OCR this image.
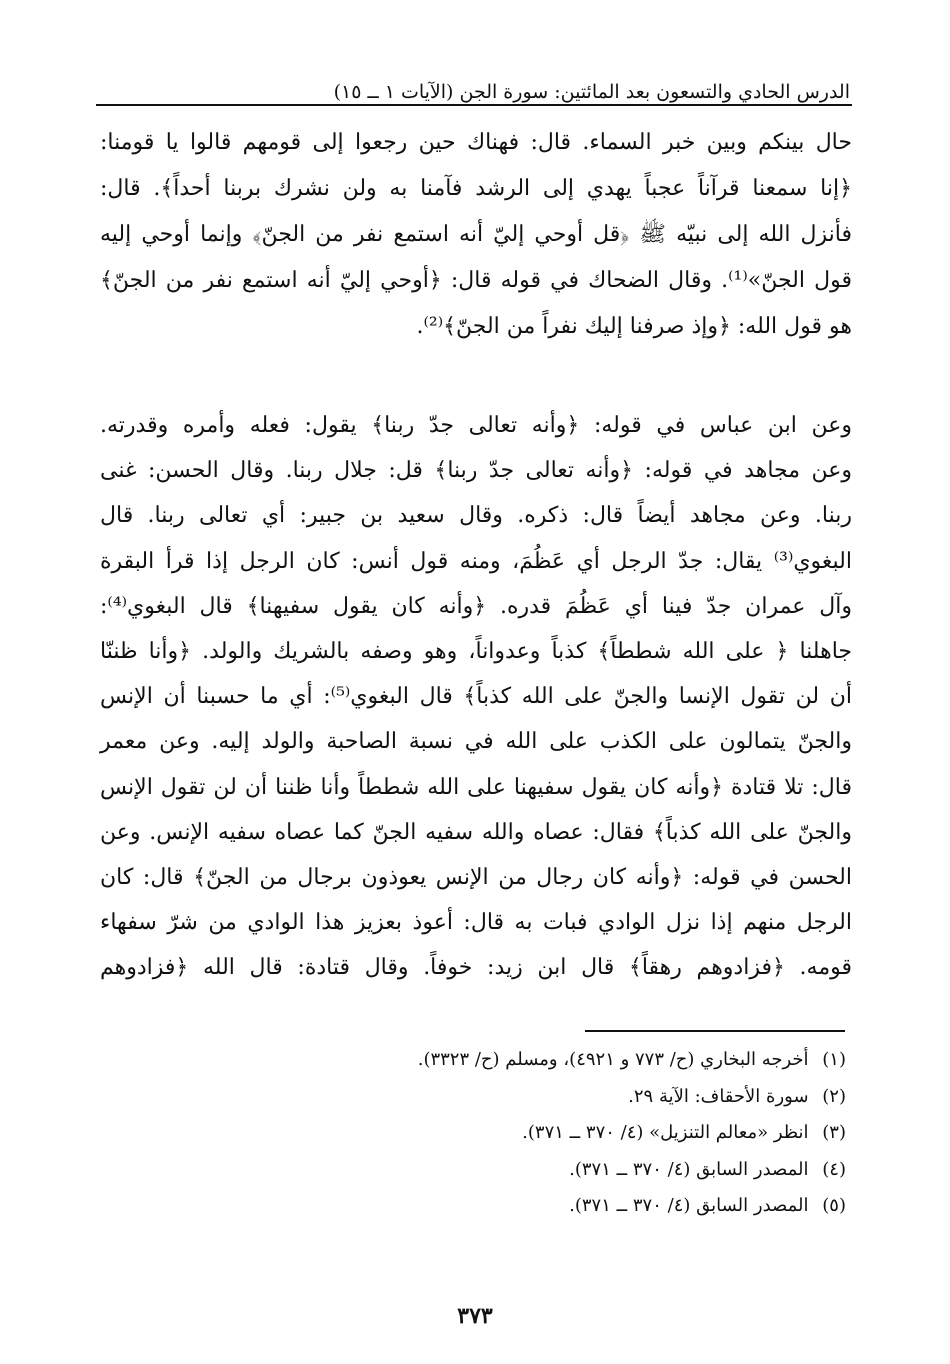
الدرس الحادي والتسعون بعد المائتين: سورة الجن (الآيات ١ ــ ١٥)
حال بينكم وبين خبر السماء. قال: فهناك حين رجعوا إلى قومهم قالوا يا قومنا:
﴿إنا سمعنا قرآناً عجباً يهدي إلى الرشد فآمنا به ولن نشرك بربنا أحداً﴾. قال:
فأنزل الله إلى نبيّه ﷺ ﴿قل أوحي إليّ أنه استمع نفر من الجنّ﴾ وإنما أوحي إليه
قول الجنّ»⁽¹⁾. وقال الضحاك في قوله قال: ﴿أوحي إليّ أنه استمع نفر من الجنّ﴾
هو قول الله: ﴿وإذ صرفنا إليك نفراً من الجنّ﴾⁽²⁾.
وعن ابن عباس في قوله: ﴿وأنه تعالى جدّ ربنا﴾ يقول: فعله وأمره وقدرته.
وعن مجاهد في قوله: ﴿وأنه تعالى جدّ ربنا﴾ قل: جلال ربنا. وقال الحسن: غنى
ربنا. وعن مجاهد أيضاً قال: ذكره. وقال سعيد بن جبير: أي تعالى ربنا. قال
البغوي⁽³⁾ يقال: جدّ الرجل أي عَظُمَ، ومنه قول أنس: كان الرجل إذا قرأ البقرة
وآل عمران جدّ فينا أي عَظُمَ قدره. ﴿وأنه كان يقول سفيهنا﴾ قال البغوي⁽⁴⁾:
جاهلنا ﴿ على الله شططاً﴾ كذباً وعدواناً، وهو وصفه بالشريك والولد. ﴿وأنا ظننّا
أن لن تقول الإنسا والجنّ على الله كذباً﴾ قال البغوي⁽⁵⁾: أي ما حسبنا أن الإنس
والجنّ يتمالون على الكذب على الله في نسبة الصاحبة والولد إليه. وعن معمر
قال: تلا قتادة ﴿وأنه كان يقول سفيهنا على الله شططاً وأنا ظننا أن لن تقول الإنس
والجنّ على الله كذباً﴾ فقال: عصاه والله سفيه الجنّ كما عصاه سفيه الإنس. وعن
الحسن في قوله: ﴿وأنه كان رجال من الإنس يعوذون برجال من الجنّ﴾ قال: كان
الرجل منهم إذا نزل الوادي فبات به قال: أعوذ بعزيز هذا الوادي من شرّ سفهاء
قومه. ﴿فزادوهم رهقاً﴾ قال ابن زيد: خوفاً. وقال قتادة: قال الله ﴿فزادوهم
(١) أخرجه البخاري (ح/ ٧٧٣ و ٤٩٢١)، ومسلم (ح/ ٣٣٢٣).
(٢) سورة الأحقاف: الآية ٢٩.
(٣) انظر «معالم التنزيل» (٤/ ٣٧٠ ــ ٣٧١).
(٤) المصدر السابق (٤/ ٣٧٠ ــ ٣٧١).
(٥) المصدر السابق (٤/ ٣٧٠ ــ ٣٧١).
٣٧٣
